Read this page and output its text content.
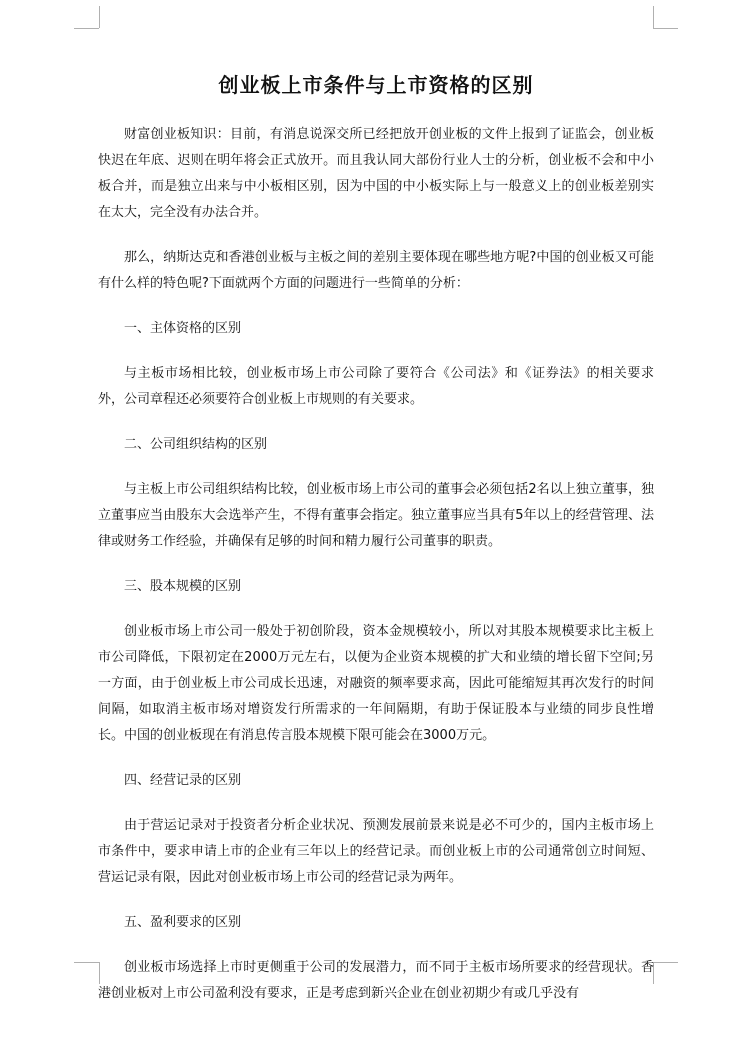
创业板上市条件与上市资格的区别

财富创业板知识：目前，有消息说深交所已经把放开创业板的文件上报到了证监会，创业板快迟在年底、迟则在明年将会正式放开。而且我认同大部份行业人士的分析，创业板不会和中小板合并，而是独立出来与中小板相区别，因为中国的中小板实际上与一般意义上的创业板差别实在太大，完全没有办法合并。

那么，纳斯达克和香港创业板与主板之间的差别主要体现在哪些地方呢?中国的创业板又可能有什么样的特色呢?下面就两个方面的问题进行一些简单的分析：

一、主体资格的区别

与主板市场相比较，创业板市场上市公司除了要符合《公司法》和《证券法》的相关要求外，公司章程还必须要符合创业板上市规则的有关要求。

二、公司组织结构的区别

与主板上市公司组织结构比较，创业板市场上市公司的董事会必须包括2名以上独立董事，独立董事应当由股东大会选举产生，不得有董事会指定。独立董事应当具有5年以上的经营管理、法律或财务工作经验，并确保有足够的时间和精力履行公司董事的职责。

三、股本规模的区别

创业板市场上市公司一般处于初创阶段，资本金规模较小，所以对其股本规模要求比主板上市公司降低，下限初定在2000万元左右，以便为企业资本规模的扩大和业绩的增长留下空间;另一方面，由于创业板上市公司成长迅速，对融资的频率要求高，因此可能缩短其再次发行的时间间隔，如取消主板市场对增资发行所需求的一年间隔期，有助于保证股本与业绩的同步良性增长。中国的创业板现在有消息传言股本规模下限可能会在3000万元。

四、经营记录的区别

由于营运记录对于投资者分析企业状况、预测发展前景来说是必不可少的，国内主板市场上市条件中，要求申请上市的企业有三年以上的经营记录。而创业板上市的公司通常创立时间短、营运记录有限，因此对创业板市场上市公司的经营记录为两年。

五、盈利要求的区别

创业板市场选择上市时更侧重于公司的发展潜力，而不同于主板市场所要求的经营现状。香港创业板对上市公司盈利没有要求，正是考虑到新兴企业在创业初期少有或几乎没有
